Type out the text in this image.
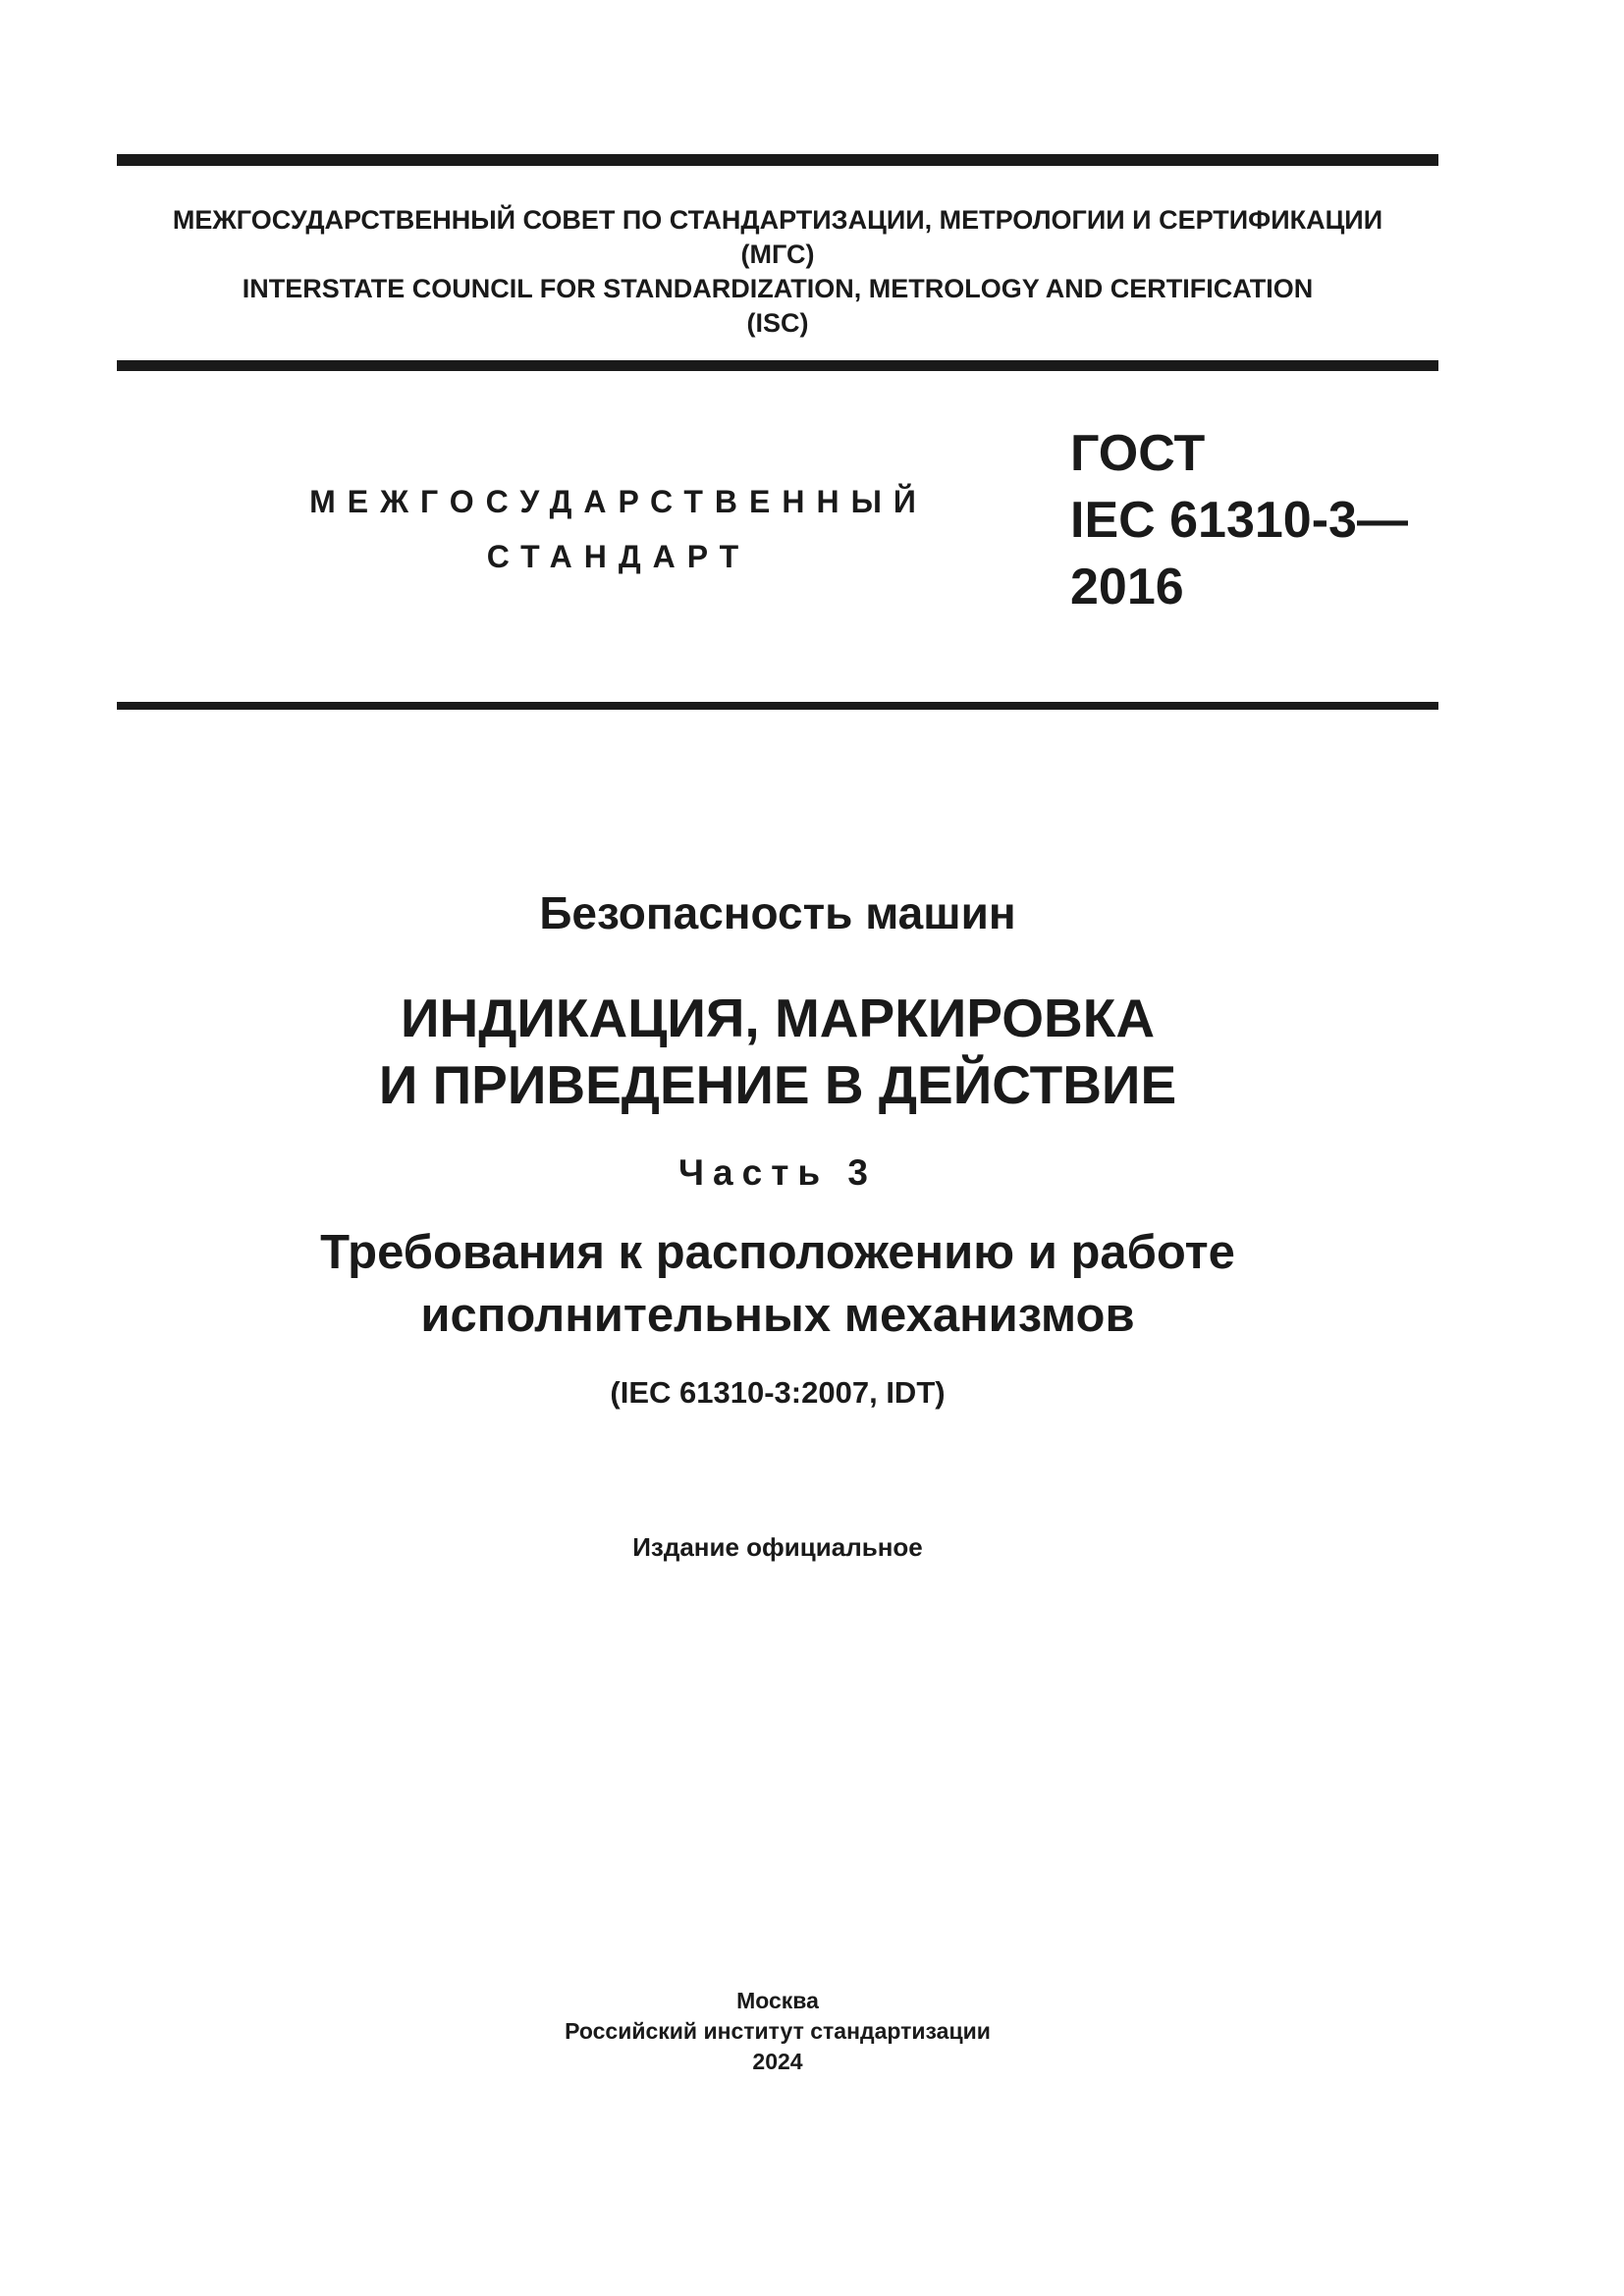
МЕЖГОСУДАРСТВЕННЫЙ СОВЕТ ПО СТАНДАРТИЗАЦИИ, МЕТРОЛОГИИ И СЕРТИФИКАЦИИ
(МГС)
INTERSTATE COUNCIL FOR STANDARDIZATION, METROLOGY AND CERTIFICATION
(ISC)
МЕЖГОСУДАРСТВЕННЫЙ
СТАНДАРТ
ГОСТ
IEC 61310-3—
2016
Безопасность машин
ИНДИКАЦИЯ, МАРКИРОВКА
И ПРИВЕДЕНИЕ В ДЕЙСТВИЕ
Часть 3
Требования к расположению и работе
исполнительных механизмов
(IEC 61310-3:2007, IDT)
Издание официальное
Москва
Российский институт стандартизации
2024
